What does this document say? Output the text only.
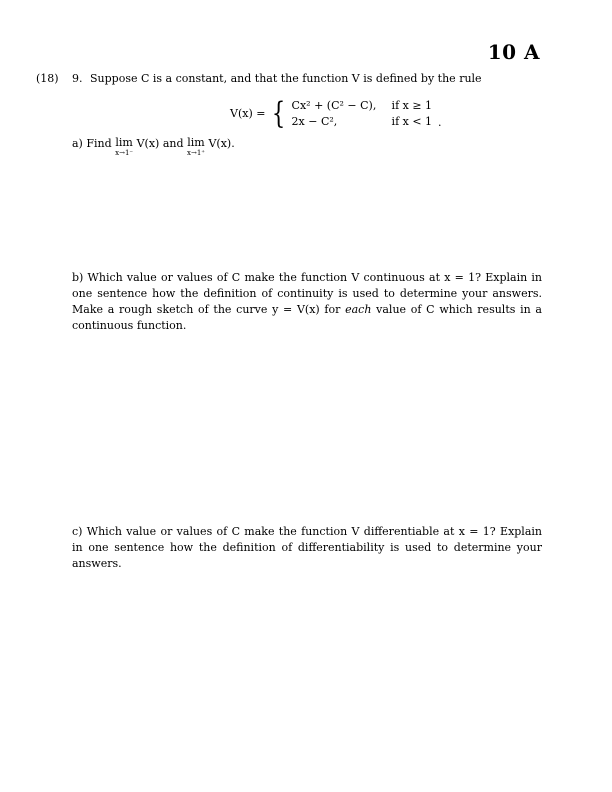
10 A
(18) 9. Suppose C is a constant, and that the function V is defined by the rule
V(x) = { Cx² + (C² − C),	if x ≥ 1
2x − C²,	if x < 1 .
a) Find lim
x→1⁻
V(x) and lim
x→1⁺
V(x).
b) Which value or values of C make the function V continuous at x = 1? Explain in one sentence how the definition of continuity is used to determine your answers. Make a rough sketch of the curve y = V(x) for each value of C which results in a continuous function.
c) Which value or values of C make the function V differentiable at x = 1? Explain in one sentence how the definition of differentiability is used to determine your answers.
